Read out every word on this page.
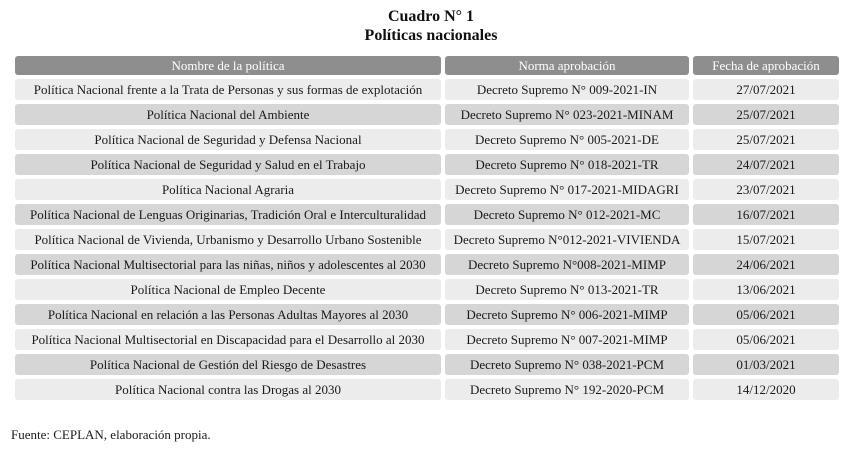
Cuadro N° 1
Políticas nacionales
Nombre de la política	Norma aprobación	Fecha de aprobación
Política Nacional frente a la Trata de Personas y sus formas de explotación	Decreto Supremo N° 009-2021-IN	27/07/2021
Política Nacional del Ambiente	Decreto Supremo N° 023-2021-MINAM	25/07/2021
Política Nacional de Seguridad y Defensa Nacional	Decreto Supremo N° 005-2021-DE	25/07/2021
Política Nacional de Seguridad y Salud en el Trabajo	Decreto Supremo N° 018-2021-TR	24/07/2021
Política Nacional Agraria	Decreto Supremo N° 017-2021-MIDAGRI	23/07/2021
Política Nacional de Lenguas Originarias, Tradición Oral e Interculturalidad	Decreto Supremo N° 012-2021-MC	16/07/2021
Política Nacional de Vivienda, Urbanismo y Desarrollo Urbano Sostenible	Decreto Supremo N°012-2021-VIVIENDA	15/07/2021
Política Nacional Multisectorial para las niñas, niños y adolescentes al 2030	Decreto Supremo N°008-2021-MIMP	24/06/2021
Política Nacional de Empleo Decente	Decreto Supremo N° 013-2021-TR	13/06/2021
Política Nacional en relación a las Personas Adultas Mayores al 2030	Decreto Supremo N° 006-2021-MIMP	05/06/2021
Política Nacional Multisectorial en Discapacidad para el Desarrollo al 2030	Decreto Supremo N° 007-2021-MIMP	05/06/2021
Política Nacional de Gestión del Riesgo de Desastres	Decreto Supremo N° 038-2021-PCM	01/03/2021
Política Nacional contra las Drogas al 2030	Decreto Supremo N° 192-2020-PCM	14/12/2020
Fuente: CEPLAN, elaboración propia.
